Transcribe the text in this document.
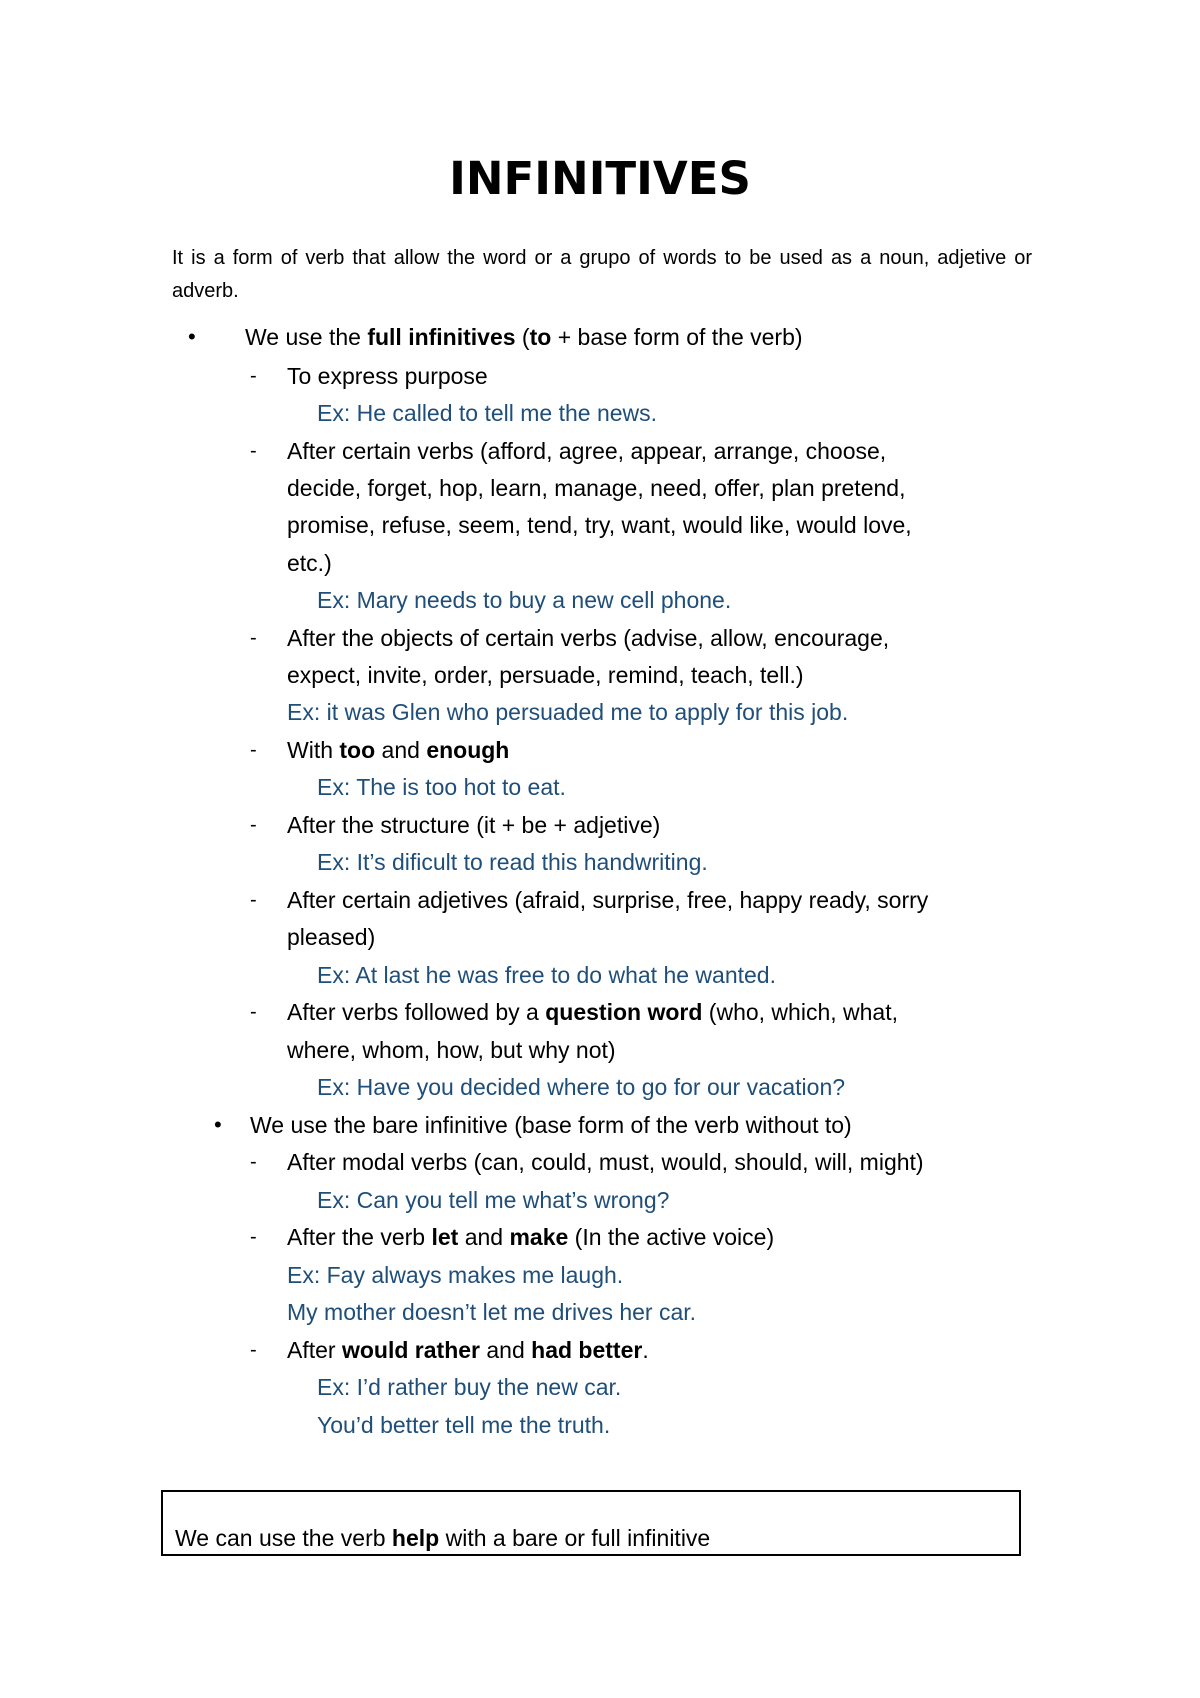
INFINITIVES

It is a form of verb that allow the word or a grupo of words to be used as a noun, adjetive or adverb.

• We use the full infinitives (to + base form of the verb)

- To express purpose

Ex: He called to tell me the news.

- After certain verbs (afford, agree, appear, arrange, choose,

decide, forget, hop, learn, manage, need, offer, plan pretend,

promise, refuse, seem, tend, try, want, would like, would love,

etc.)

Ex: Mary needs to buy a new cell phone.

- After the objects of certain verbs (advise, allow, encourage,

expect, invite, order, persuade, remind, teach, tell.)

Ex: it was Glen who persuaded me to apply for this job.

- With too and enough

Ex: The is too hot to eat.

- After the structure (it + be + adjetive)

Ex: It’s dificult to read this handwriting.

- After certain adjetives (afraid, surprise, free, happy ready, sorry

pleased)

Ex: At last he was free to do what he wanted.

- After verbs followed by a question word (who, which, what,

where, whom, how, but why not)

Ex: Have you decided where to go for our vacation?

• We use the bare infinitive (base form of the verb without to)

- After modal verbs (can, could, must, would, should, will, might)

Ex: Can you tell me what’s wrong?

- After the verb let and make (In the active voice)

Ex: Fay always makes me laugh.

My mother doesn’t let me drives her car.

- After would rather and had better.

Ex: I’d rather buy the new car.

You’d better tell me the truth.

We can use the verb help with a bare or full infinitive
